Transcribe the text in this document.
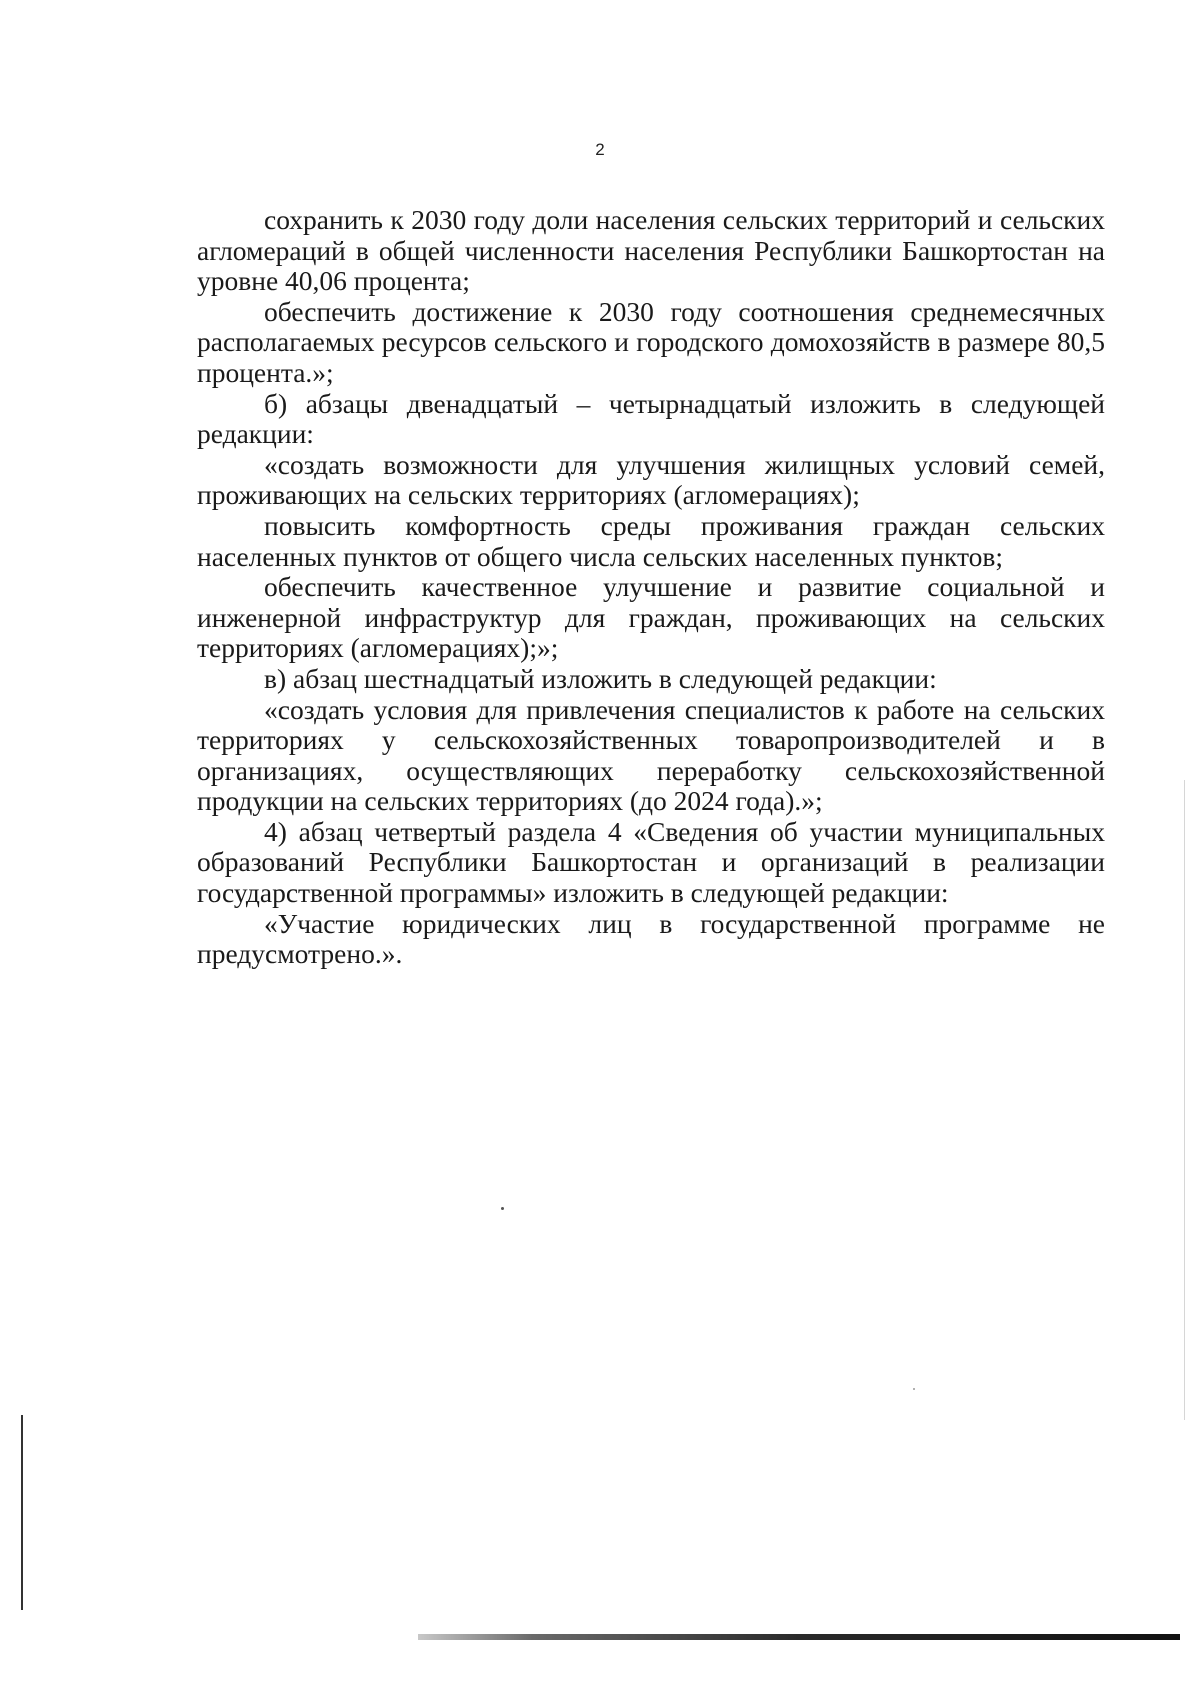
2

сохранить к 2030 году доли населения сельских территорий и сельских агломераций в общей численности населения Республики Башкортостан на уровне 40,06 процента;

обеспечить достижение к 2030 году соотношения среднемесячных располагаемых ресурсов сельского и городского домохозяйств в размере 80,5 процента.»;

б) абзацы двенадцатый – четырнадцатый изложить в следующей редакции:

«создать возможности для улучшения жилищных условий семей, проживающих на сельских территориях (агломерациях);

повысить комфортность среды проживания граждан сельских населенных пунктов от общего числа сельских населенных пунктов;

обеспечить качественное улучшение и развитие социальной и инженерной инфраструктур для граждан, проживающих на сельских территориях (агломерациях);»;

в) абзац шестнадцатый изложить в следующей редакции:

«создать условия для привлечения специалистов к работе на сельских территориях у сельскохозяйственных товаропроизводителей и в организациях, осуществляющих переработку сельскохозяйственной продукции на сельских территориях (до 2024 года).»;

4) абзац четвертый раздела 4 «Сведения об участии муниципальных образований Республики Башкортостан и организаций в реализации государственной программы» изложить в следующей редакции:

«Участие юридических лиц в государственной программе не предусмотрено.».
